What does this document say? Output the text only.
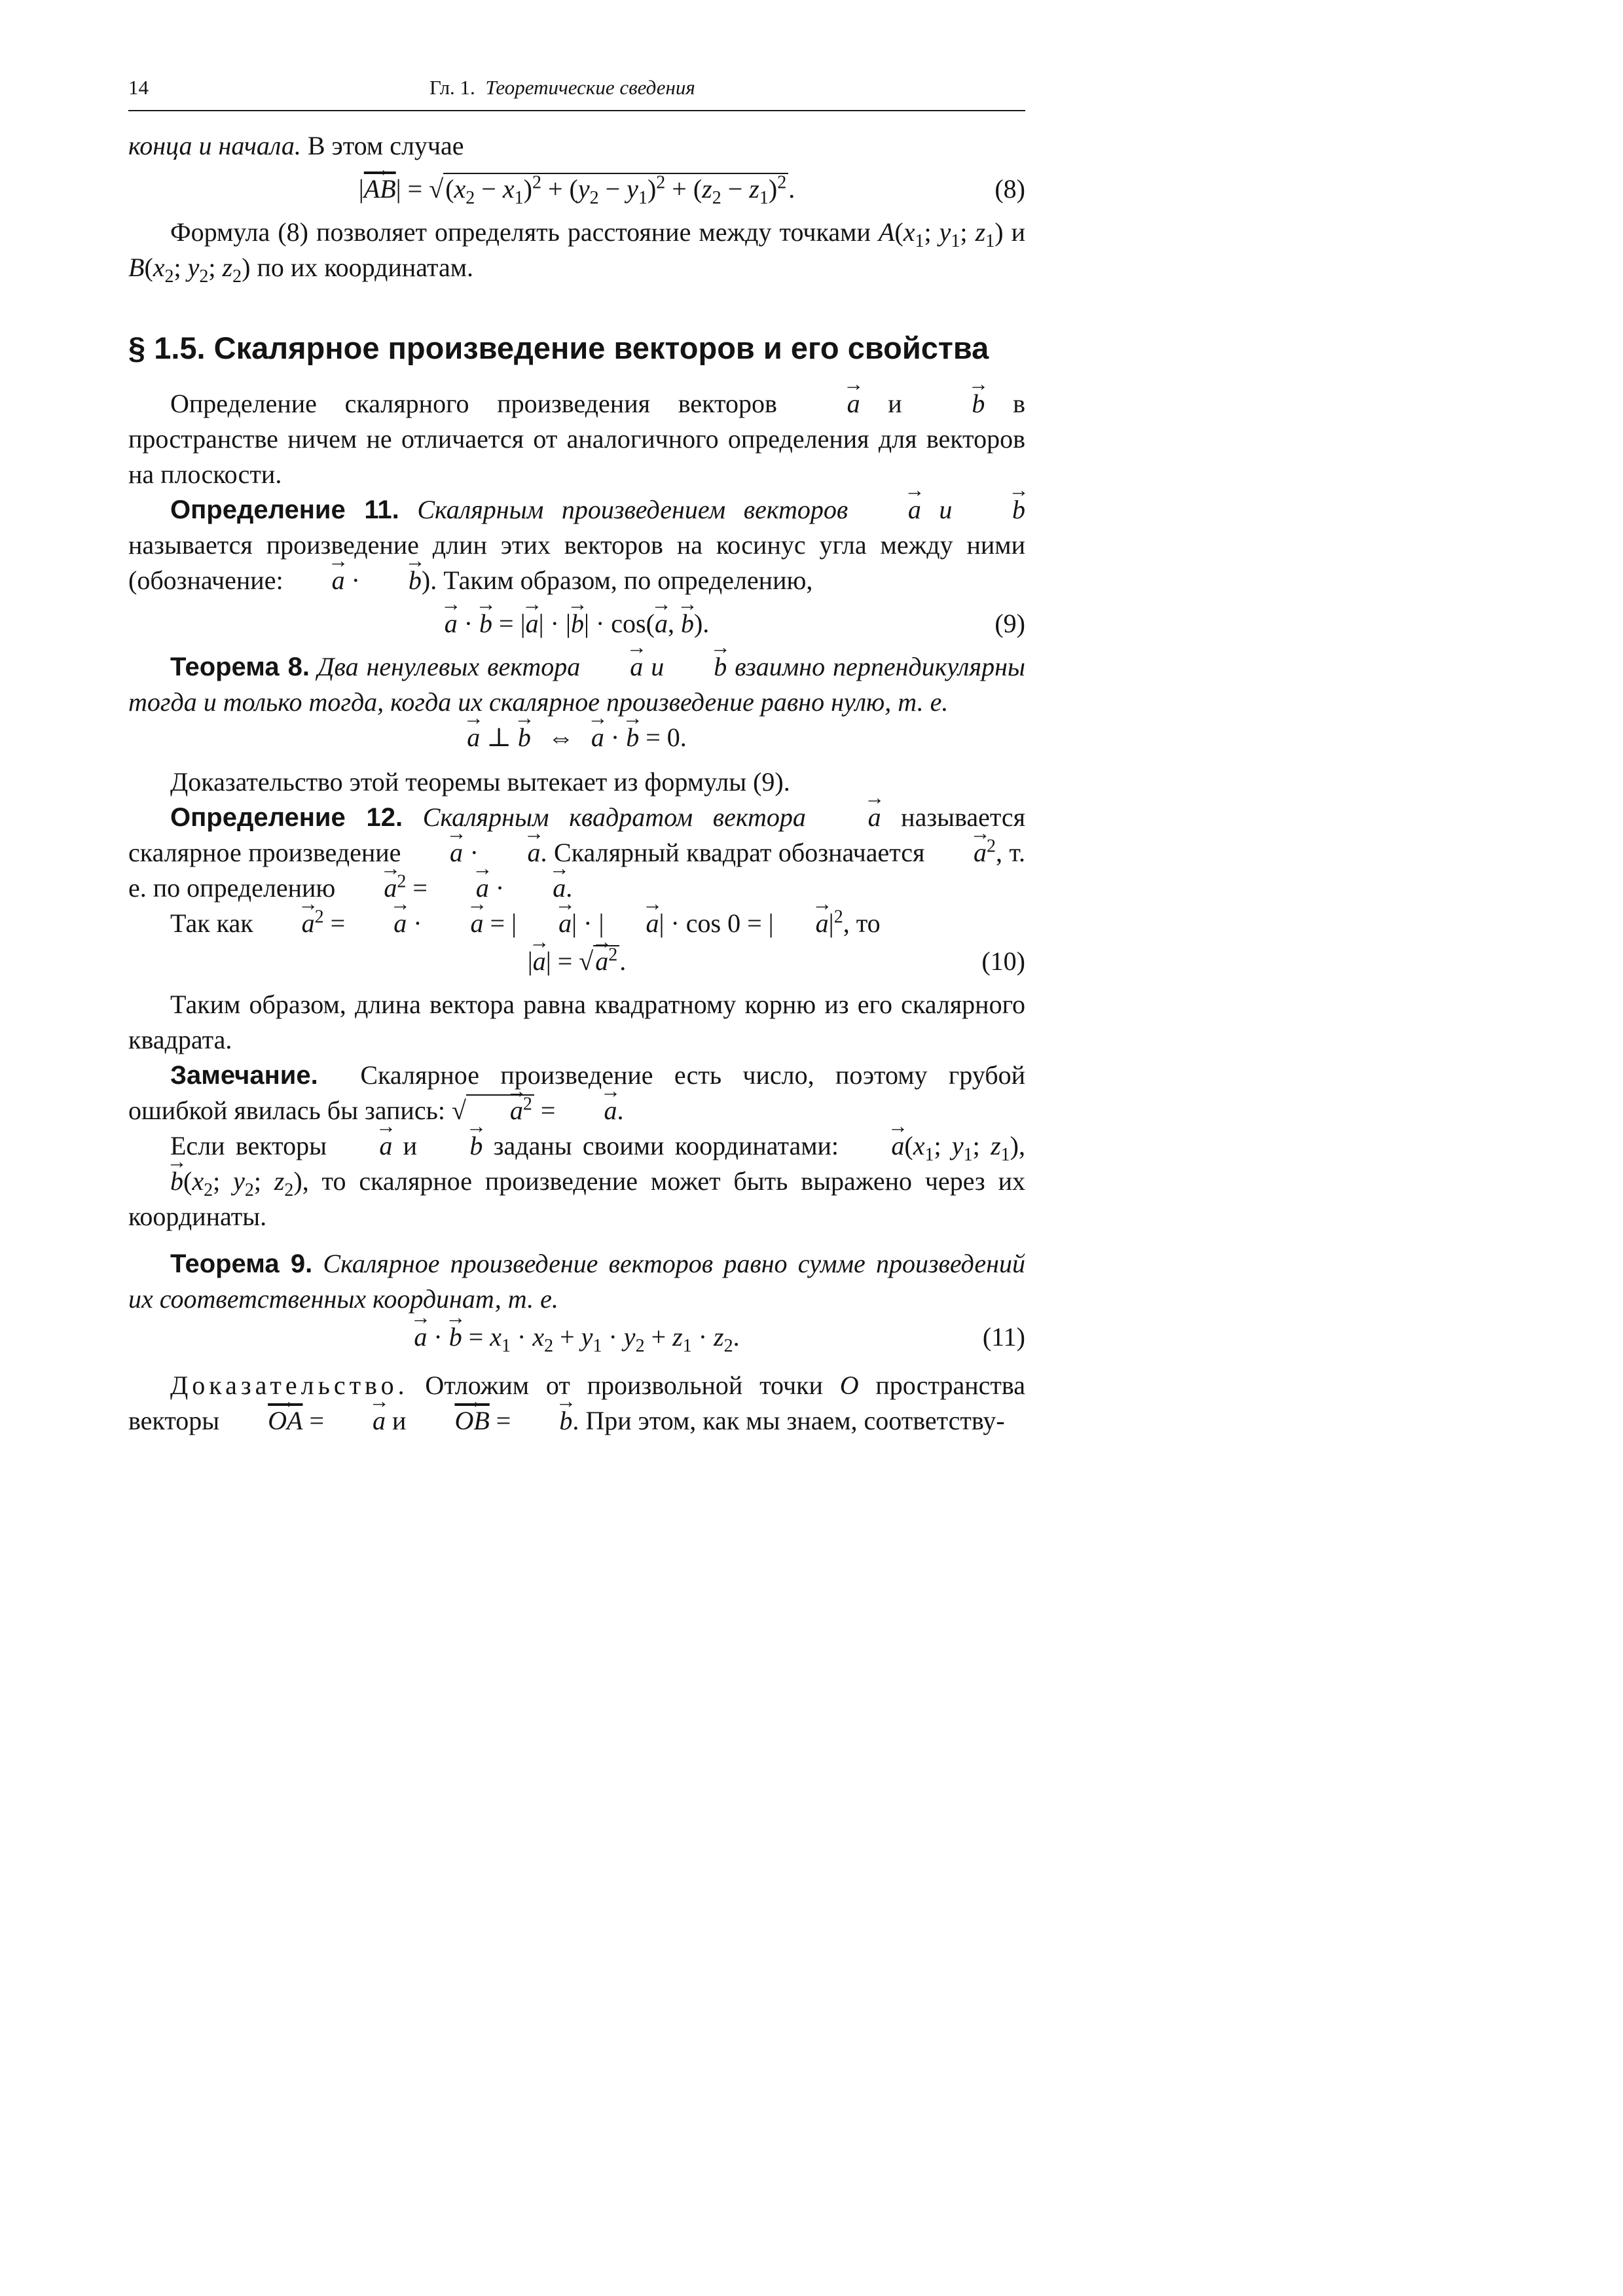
14	Гл. 1. Теоретические сведения

конца и начала. В этом случае

|→ $\overline{AB}| = √(x_2 - x_1)^2 + (y_2 - y_1)^2 + (z_2 - z_1)^2$.	(8)

Формула (8) позволяет определять расстояние между точками $A(x_1$; $y_1$; $z_1$) и $B(x_2$; $y_2$; $z_2$) по их координатам.

§ 1.5. Скалярное произведение векторов и его свойства

Определение скалярного произведения векторов → a и → b в пространстве ничем не отличается от аналогичного определения для векторов на плоскости.

Определение 11. Скалярным произведением векторов → a и → b называется произведение длин этих векторов на косинус угла между ними (обозначение: → a · → b). Таким образом, по определению,

→ a · → b = |→ a| · |→ b| · cos(→ a, → b).	(9)

Теорема 8. Два ненулевых вектора → a и → b взаимно перпендикулярны тогда и только тогда, когда их скалярное произведение равно нулю, т. е.

→ a ⊥ → b ⇔ → a · → b = 0.

Доказательство этой теоремы вытекает из формулы (9).

Определение 12. Скалярным квадратом вектора → a называется скалярное произведение → a · → a. Скалярный квадрат обозначается → $a^2$, т. е. по определению → $a^2$ = → a · → a.

Так как → $a^2$ = → a · → a = | → a| · | → a| · cos 0 = | → $a|^2$, то

|→ a| = √→ $a^2$.	(10)

Таким образом, длина вектора равна квадратному корню из его скалярного квадрата.

Замечание.  Скалярное произведение есть число, поэтому грубой ошибкой явилась бы запись: √ → $a^2$ = → a.

Если векторы → a и → b заданы своими координатами: → $a(x_1$; $y_1$; $z_1$), → $b(x_2$; $y_2$; $z_2$), то скалярное произведение может быть выражено через их координаты.

Теорема 9. Скалярное произведение векторов равно сумме произведений их соответственных координат, т. е.

→ a · → $b = x_1 \cdot x_2 + y_1 \cdot y_2 + z_1 \cdot z_2$.	(11)

Доказательство. Отложим от произвольной точки O пространства векторы → $\overline{OA}$ = → a $и \to \overline{OB}$ = → b. При этом, как мы знаем, соответству-
